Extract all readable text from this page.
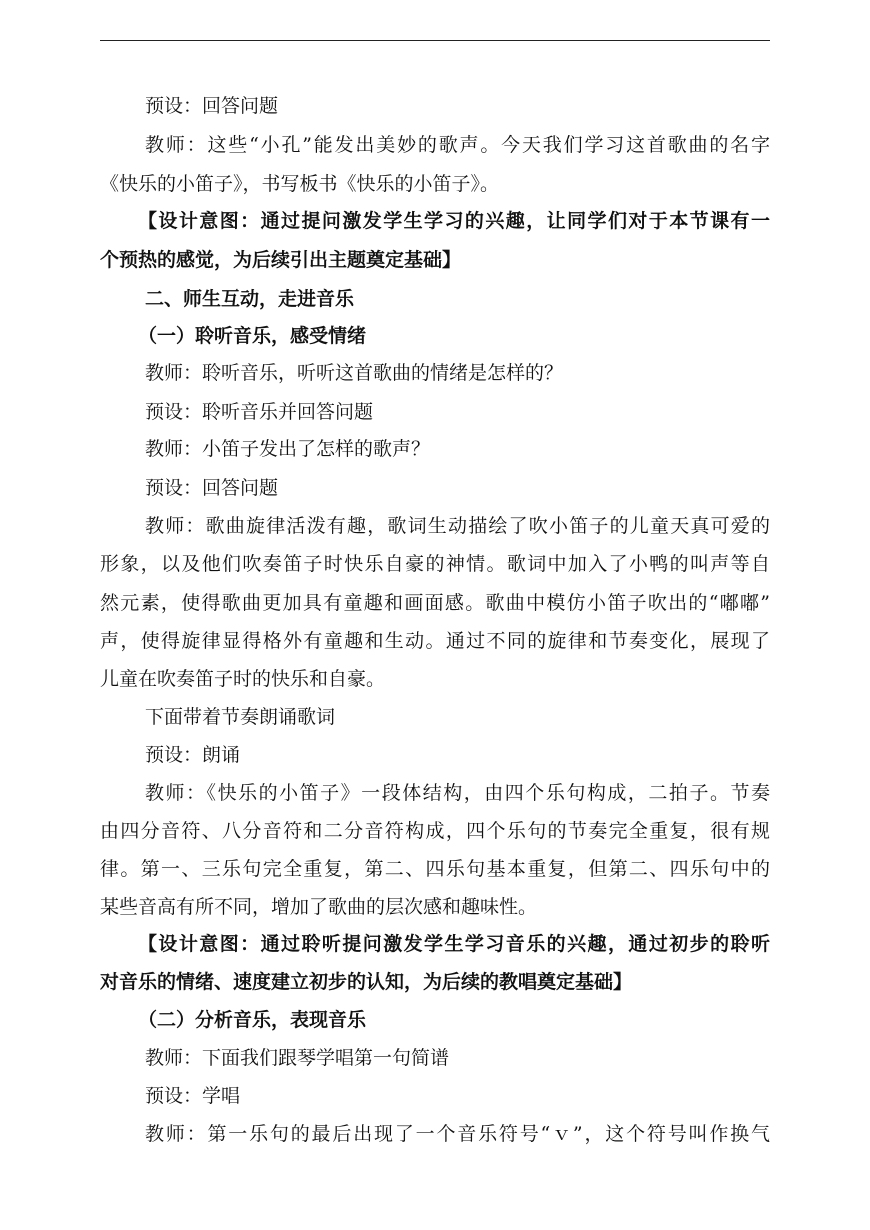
预设：回答问题
教师：这些“小孔”能发出美妙的歌声。今天我们学习这首歌曲的名字
《快乐的小笛子》，书写板书《快乐的小笛子》。
【设计意图：通过提问激发学生学习的兴趣，让同学们对于本节课有一
个预热的感觉，为后续引出主题奠定基础】
二、师生互动，走进音乐
（一）聆听音乐，感受情绪
教师：聆听音乐，听听这首歌曲的情绪是怎样的？
预设：聆听音乐并回答问题
教师：小笛子发出了怎样的歌声？
预设：回答问题
教师：歌曲旋律活泼有趣，歌词生动描绘了吹小笛子的儿童天真可爱的
形象，以及他们吹奏笛子时快乐自豪的神情。歌词中加入了小鸭的叫声等自
然元素，使得歌曲更加具有童趣和画面感。歌曲中模仿小笛子吹出的“嘟嘟”
声，使得旋律显得格外有童趣和生动。通过不同的旋律和节奏变化，展现了
儿童在吹奏笛子时的快乐和自豪。
下面带着节奏朗诵歌词
预设：朗诵
教师：《快乐的小笛子》一段体结构，由四个乐句构成，二拍子。节奏
由四分音符、八分音符和二分音符构成，四个乐句的节奏完全重复，很有规
律。第一、三乐句完全重复，第二、四乐句基本重复，但第二、四乐句中的
某些音高有所不同，增加了歌曲的层次感和趣味性。
【设计意图：通过聆听提问激发学生学习音乐的兴趣，通过初步的聆听
对音乐的情绪、速度建立初步的认知，为后续的教唱奠定基础】
（二）分析音乐，表现音乐
教师：下面我们跟琴学唱第一句简谱
预设：学唱
教师：第一乐句的最后出现了一个音乐符号“ｖ”，这个符号叫作换气
